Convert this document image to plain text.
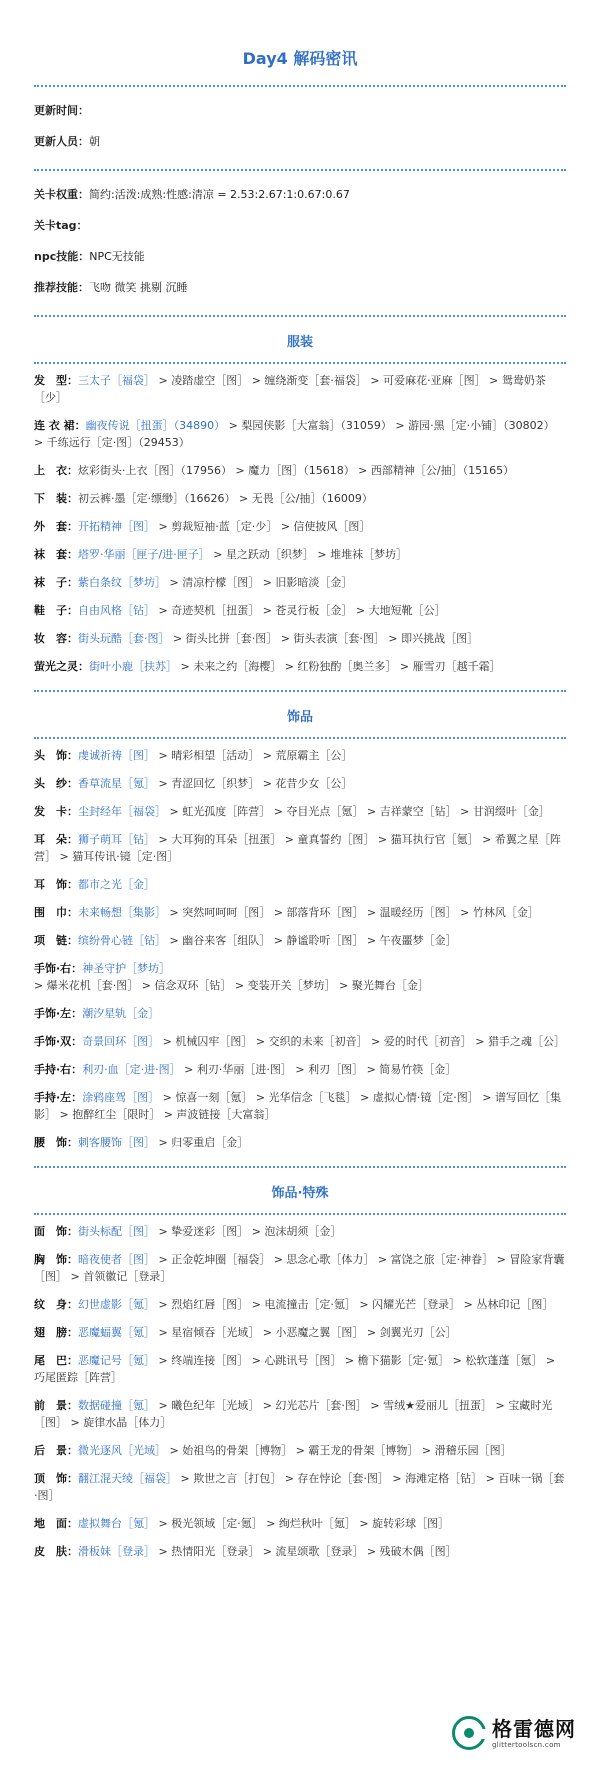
Day4 解码密讯
更新时间：
更新人员：朝
关卡权重：简约:活泼:成熟:性感:清凉 = 2.53:2.67:1:0.67:0.67
关卡tag：
npc技能：NPC无技能
推荐技能：飞吻 微笑 挑剔 沉睡
服装
发　型：三太子［福袋］ > 凌踏虚空［图］ > 缠绕渐变［套·福袋］ > 可爱麻花·亚麻［图］ > 鸳鸯奶茶［少］
连 衣 裙：幽夜传说［扭蛋］（34890） > 梨园侠影［大富翁］（31059） > 游园·黑［定·小铺］（30802） > 千练远行［定·图］（29453）
上　衣：炫彩街头·上衣［图］（17956） > 魔力［图］（15618） > 西部精神［公/抽］（15165）
下　装：初云裤·墨［定·缥缈］（16626） > 无畏［公/抽］（16009）
外　套：开拓精神［图］ > 剪裁短袖·蓝［定·少］ > 信使披风［图］
袜　套：塔罗·华丽［匣子/进·匣子］ > 星之跃动［织梦］ > 堆堆袜［梦坊］
袜　子：紫白条纹［梦坊］ > 清凉柠檬［图］ > 旧影暗淡［金］
鞋　子：自由风格［钻］ > 奇迹契机［扭蛋］ > 苍灵行板［金］ > 大地短靴［公］
妆　容：街头玩酷［套·图］ > 街头比拼［套·图］ > 街头表演［套·图］ > 即兴挑战［图］
萤光之灵：街叶小鹿［扶苏］ > 未来之约［海樱］ > 红粉独酌［奥兰多］ > 雁雪刃［越千霜］
饰品
头　饰：虔诚祈祷［图］ > 晴彩相望［活动］ > 荒原霸主［公］
头　纱：香草流星［氪］ > 青涩回忆［织梦］ > 花昔少女［公］
发　卡：尘封经年［福袋］ > 虹光孤度［阵营］ > 夺目光点［氪］ > 吉祥蒙空［钻］ > 甘润缀叶［金］
耳　朵：狮子萌耳［钻］ > 大耳狗的耳朵［扭蛋］ > 童真誓约［图］ > 猫耳执行官［氪］ > 希翼之星［阵营］ > 猫耳传讯·镜［定·图］
耳　饰：都市之光［金］
围　巾：未来畅想［集影］ > 突然呵呵呵［图］ > 部落背环［图］ > 温暖经历［图］ > 竹林风［金］
项　链：缤纷骨心链［钻］ > 幽谷来客［组队］ > 静谧聆听［图］ > 午夜噩梦［金］
手饰·右：神圣守护［梦坊］ > 爆米花机［套·图］ > 信念双环［钻］ > 变装开关［梦坊］ > 聚光舞台［金］
手饰·左：潮汐星轨［金］
手饰·双：奇景回环［图］ > 机械囚牢［图］ > 交织的未来［初音］ > 爱的时代［初音］ > 猎手之魂［公］
手持·右：利刃·血［定·进·图］ > 利刃·华丽［进·图］ > 利刃［图］ > 简易竹筷［金］
手持·左：涂鸦座驾［图］ > 惊喜一刻［氪］ > 光华信念［飞毯］ > 虚拟心情·镜［定·图］ > 谱写回忆［集影］ > 抱醉红尘［限时］ > 声波链接［大富翁］
腰　饰：刺客腰饰［图］ > 归零重启［金］
饰品·特殊
面　饰：街头标配［图］ > 挚爱迷彩［图］ > 泡沫胡须［金］
胸　饰：暗夜使者［图］ > 正金乾坤圈［福袋］ > 思念心歌［体力］ > 富饶之旅［定·神眷］ > 冒险家背囊［图］ > 首领徽记［登录］
纹　身：幻世虚影［氪］ > 烈焰红唇［图］ > 电流撞击［定·氪］ > 闪耀光芒［登录］ > 丛林印记［图］
翅　膀：恶魔蝠翼［氪］ > 星宿倾吞［光域］ > 小恶魔之翼［图］ > 剑翼光刃［公］
尾　巴：恶魔记号［氪］ > 终端连接［图］ > 心跳讯号［图］ > 檐下猫影［定·氪］ > 松软蓬蓬［氪］ > 巧尾匿踪［阵营］
前　景：数据碰撞［氪］ > 曦色纪年［光域］ > 幻光芯片［套·图］ > 雪绒★爱丽儿［扭蛋］ > 宝藏时光［图］ > 旋律水晶［体力］
后　景：微光逐风［光域］ > 始祖鸟的骨架［博物］ > 霸王龙的骨架［博物］ > 滑稽乐园［图］
顶　饰：翻江混天绫［福袋］ > 欺世之言［打包］ > 存在悖论［套·图］ > 海滩定格［钻］ > 百味一锅［套·图］
地　面：虚拟舞台［氪］ > 极光领域［定·氪］ > 绚烂秋叶［氪］ > 旋转彩球［图］
皮　肤：滑板妹［登录］ > 热情阳光［登录］ > 流星颂歌［登录］ > 残破木偶［图］
格雷德网
glittertoolscn.com
